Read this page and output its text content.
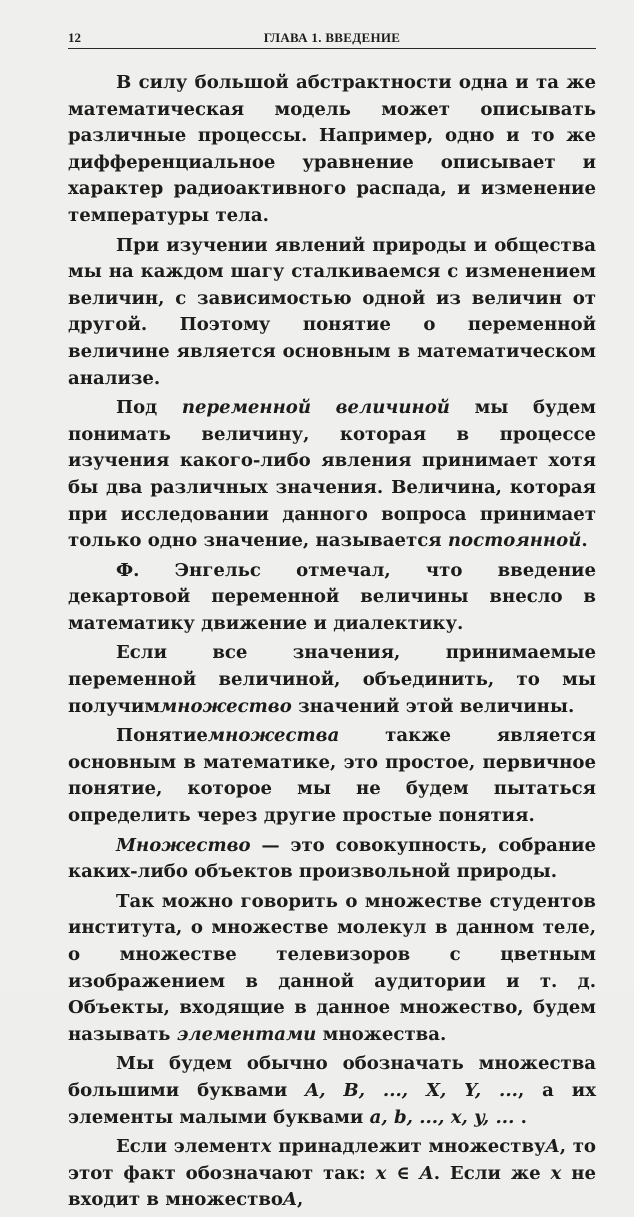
12	ГЛАВА 1. ВВЕДЕНИЕ

В силу большой абстрактности одна и та же математическая модель может описывать различные процессы. Например, одно и то же дифференциальное уравнение описывает и характер радиоактивного распада, и изменение температуры тела.

При изучении явлений природы и общества мы на каждом шагу сталкиваемся с изменением величин, с зависимостью одной из величин от другой. Поэтому понятие о переменной величине является основным в математическом анализе.

Под переменной величиной мы будем понимать величину, которая в процессе изучения какого-либо явления принимает хотя бы два различных значения. Величина, которая при исследовании данного вопроса принимает только одно значение, называется постоянной.

Ф. Энгельс отмечал, что введение декартовой переменной величины внесло в математику движение и диалектику.

Если все значения, принимаемые переменной величиной, объединить, то мы получиммножество значений этой величины.

Понятиемножества также является основным в математике, это простое, первичное понятие, которое мы не будем пытаться определить через другие простые понятия.

Множество — это совокупность, собрание каких-либо объектов произвольной природы.

Так можно говорить о множестве студентов института, о множестве молекул в данном теле, о множестве телевизоров с цветным изображением в данной аудитории и т. д. Объекты, входящие в данное множество, будем называть элементами множества.

Мы будем обычно обозначать множества большими буквами A, B, ..., X, Y, ..., а их элементы малыми буквами a, b, ..., x, y, ... .

Если элементx принадлежит множествуA, то этот факт обозначают так: x ∈ A. Если же x не входит в множествоA,
